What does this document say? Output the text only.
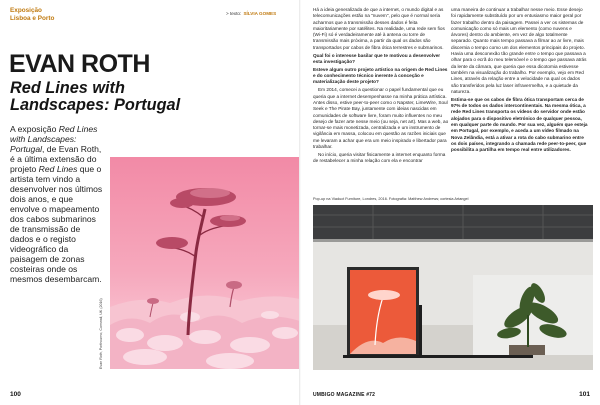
Exposição
Lisboa e Porto
> texto: SÍLVIA GOMES
EVAN ROTH
Red Lines with
Landscapes: Portugal
A exposição Red Lines with Landscapes: Portugal, de Evan Roth, é a última extensão do projeto Red Lines que o artista tem vindo a desenvolver nos últimos dois anos, e que envolve o mapeamento dos cabos submarinos de transmissão de dados e o registo videográfico da paisagem de zonas costeiras onde os mesmos desembarcam.
Evan Roth, Porthcurno, Cornwall, UK (2016)
100

Há a ideia generalizada de que a internet, o mundo digital e as telecomunicações estão na "nuvem", pelo que é normal seria acharmos que a transmissão desses dados é feita maioritariamente por satélites. Na realidade, uma rede sem fios (Wi-Fi) só é verdadeiramente até à antena ou torre de transmissão mais próxima, a partir da qual os dados são transportados por cabos de fibra ótica terrestres e submarinos.

Qual foi o interesse basilar que te motivou a desenvolver esta investigação?

Esteve algum outro projeto artístico na origem de Red Lines e do conhecimento técnico inerente à conceção e materialização deste projeto?

Em 2014, comecei a questionar o papel fundamental que eu queria que a internet desempenhasse na minha prática artística. Antes disso, estive peer-to-peer como o Napster, LimeWire, Soul Seek e The Pirate Bay, juntamente com ideias nascidas em comunidades de software livre, foram muito influentes no meu desejo de fazer arte nesse meio (ou seja, net art). Mas a web, ao tornar-se mais monetizada, centralizada e um instrumento de vigilância em massa, colocou em questão as razões iniciais que me levaram a achar que era um meio inspirado e libertador para trabalhar.

No início, queria visitar fisicamente a internet enquanto forma de restabelecer a minha relação com ela e encontrar

uma maneira de continuar a trabalhar nesse meio. Esse desejo foi rapidamente substituído por um entusiasmo maior geral por fazer trabalho dentro da paisagem. Passei a ver os sistemas de comunicação como só mais um elemento (como nuvens e árvores) dentro do ambiente, em vez de algo totalmente separado. Quanto mais tempo passava a filmar ao ar livre, mais discernia o tempo como um dos elementos principais do projeto. Havia uma desconexão tão grande entre o tempo que passava a olhar para o ecrã do meu telemóvel e o tempo que passava atrás da lente da câmara, que queria que essa dicotomia estivesse também na visualização do trabalho. Por exemplo, vejo em Red Lines, através da relação entre a velocidade na qual os dados são transferidos pela luz laser infravermelha, e a quietude da natureza.

Estima-se que os cabos de fibra ótica transportam cerca de 97% de todos os dados intercontinentais. Na mesma ótica, a rede Red Lines transporta os vídeos do servidor onde estão alojados para o dispositivo eletrónico de qualquer pessoa, em qualquer parte do mundo. Por sua vez, alguém que esteja em Portugal, por exemplo, e aceda a um vídeo filmado na Nova Zelândia, está a ativar a rota do cabo submarino entre os dois países, integrando a chamada rede peer-to-peer, que possibilita a partilha em tempo real entre utilizadores.

Pop-up na Viaduct Furniture, Londres, 2016. Fotografia: Matthew Andrews; cortesia Artangel
UMBIGO MAGAZINE #72	101
